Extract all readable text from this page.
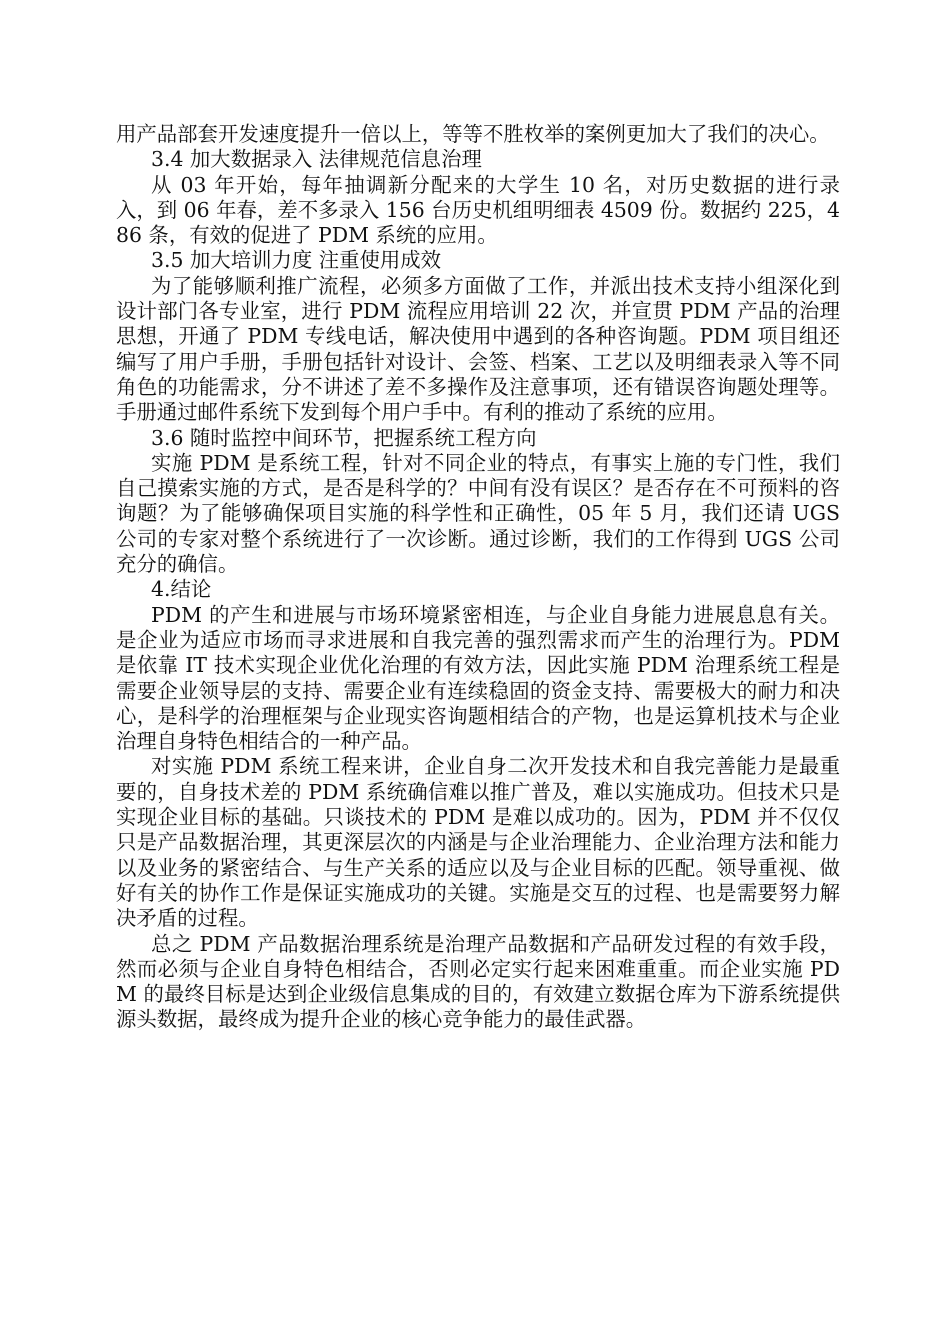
用产品部套开发速度提升一倍以上，等等不胜枚举的案例更加大了我们的决心。

3.4 加大数据录入 法律规范信息治理

从 03 年开始，每年抽调新分配来的大学生 10 名，对历史数据的进行录入，到 06 年春，差不多录入 156 台历史机组明细表 4509 份。数据约 225，486 条，有效的促进了 PDM 系统的应用。

3.5 加大培训力度 注重使用成效

为了能够顺利推广流程，必须多方面做了工作，并派出技术支持小组深化到设计部门各专业室，进行 PDM 流程应用培训 22 次，并宣贯 PDM 产品的治理思想，开通了 PDM 专线电话，解决使用中遇到的各种咨询题。PDM 项目组还编写了用户手册，手册包括针对设计、会签、档案、工艺以及明细表录入等不同角色的功能需求，分不讲述了差不多操作及注意事项，还有错误咨询题处理等。手册通过邮件系统下发到每个用户手中。有利的推动了系统的应用。

3.6 随时监控中间环节，把握系统工程方向

实施 PDM 是系统工程，针对不同企业的特点，有事实上施的专门性，我们自己摸索实施的方式，是否是科学的？中间有没有误区？是否存在不可预料的咨询题？为了能够确保项目实施的科学性和正确性，05 年 5 月，我们还请 UGS 公司的专家对整个系统进行了一次诊断。通过诊断，我们的工作得到 UGS 公司充分的确信。

4.结论

PDM 的产生和进展与市场环境紧密相连，与企业自身能力进展息息有关。是企业为适应市场而寻求进展和自我完善的强烈需求而产生的治理行为。PDM 是依靠 IT 技术实现企业优化治理的有效方法，因此实施 PDM 治理系统工程是需要企业领导层的支持、需要企业有连续稳固的资金支持、需要极大的耐力和决心，是科学的治理框架与企业现实咨询题相结合的产物，也是运算机技术与企业治理自身特色相结合的一种产品。

对实施 PDM 系统工程来讲，企业自身二次开发技术和自我完善能力是最重要的，自身技术差的 PDM 系统确信难以推广普及，难以实施成功。但技术只是实现企业目标的基础。只谈技术的 PDM 是难以成功的。因为，PDM 并不仅仅只是产品数据治理，其更深层次的内涵是与企业治理能力、企业治理方法和能力以及业务的紧密结合、与生产关系的适应以及与企业目标的匹配。领导重视、做好有关的协作工作是保证实施成功的关键。实施是交互的过程、也是需要努力解决矛盾的过程。

总之 PDM 产品数据治理系统是治理产品数据和产品研发过程的有效手段，然而必须与企业自身特色相结合，否则必定实行起来困难重重。而企业实施 PDM 的最终目标是达到企业级信息集成的目的，有效建立数据仓库为下游系统提供源头数据，最终成为提升企业的核心竞争能力的最佳武器。
